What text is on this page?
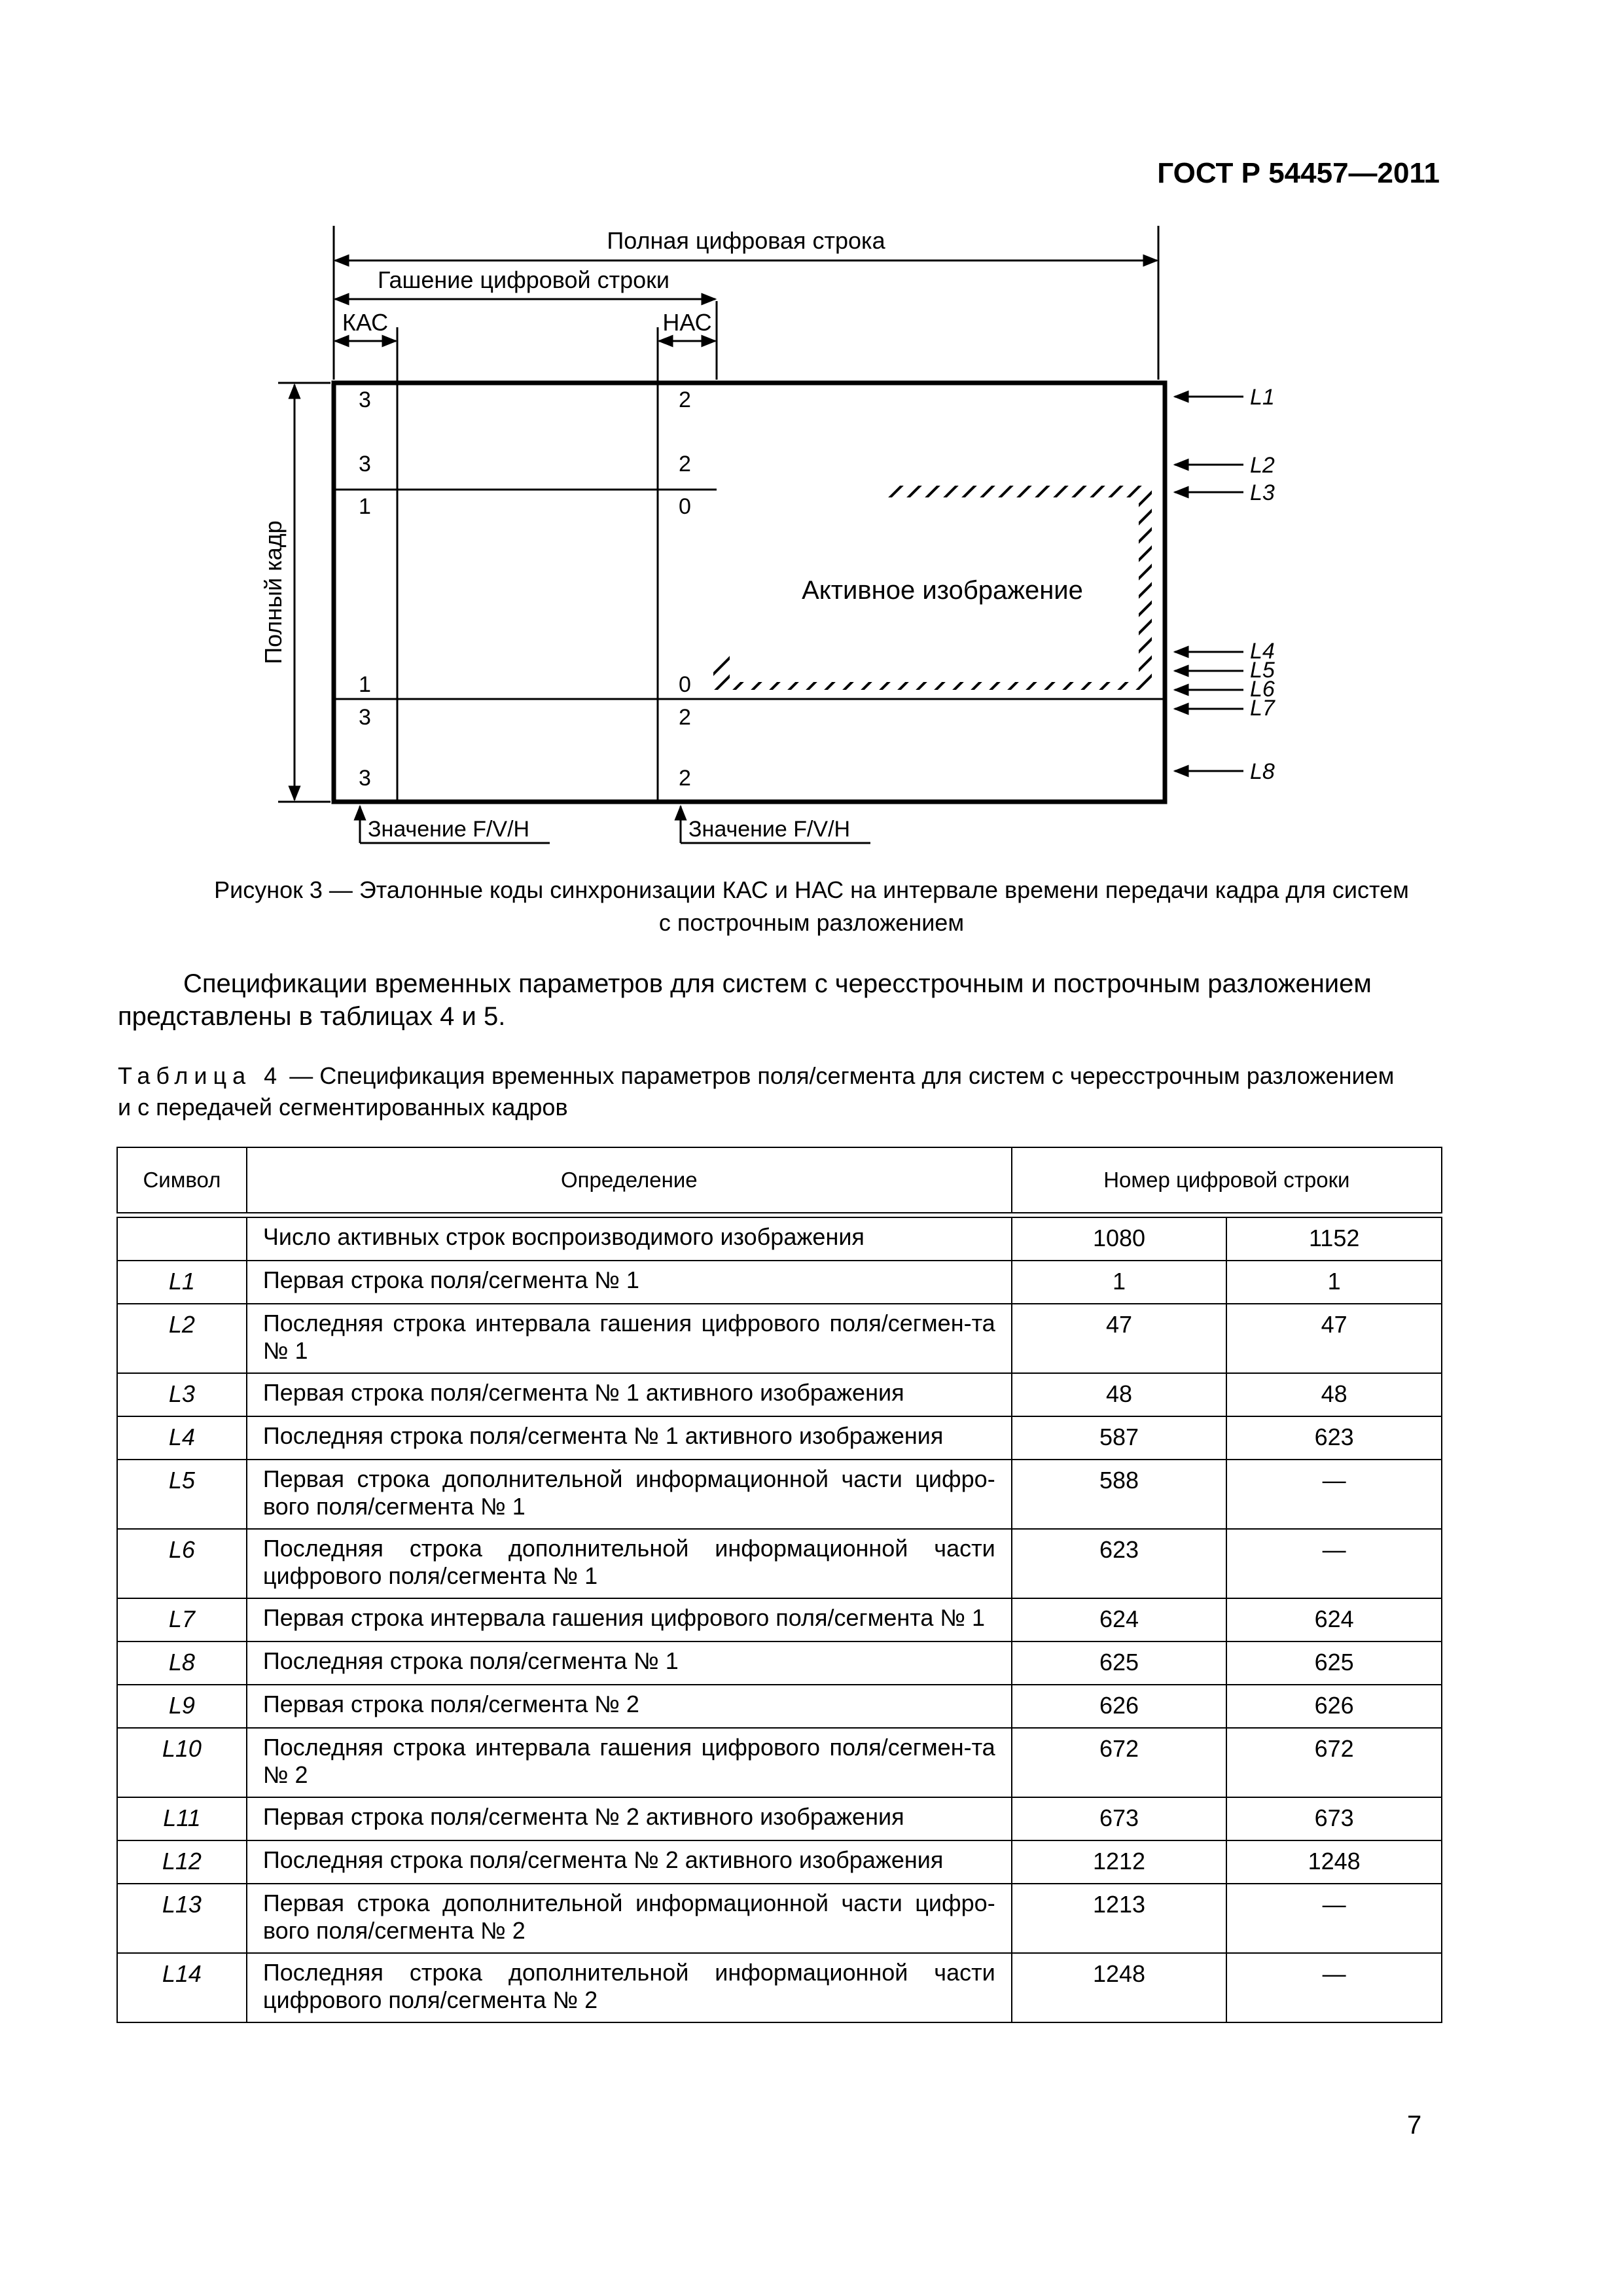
ГОСТ Р 54457—2011
Полная цифровая строка
Гашение цифровой строки
КАС	НАС
Полный кадр	Активное изображение
3
3
1
1
3
3
2
2
0
0
2
2
L1
L2
L3
L4
L5
L6
L7
L8
Значение F/V/H	Значение F/V/H
Рисунок 3 — Эталонные коды синхронизации КАС и НАС на интервале времени передачи кадра для систем
с построчным разложением
Спецификации временных параметров для систем с чересстрочным и построчным разложением
представлены в таблицах 4 и 5.
Таблица 4 — Спецификация временных параметров поля/сегмента для систем с чересстрочным разложением
и с передачей сегментированных кадров
Символ	Определение	Номер цифровой строки	

	Число активных строк воспроизводимого изображения	1080	1152
L1	Первая строка поля/сегмента № 1	1	1
L2	Последняя строка интервала гашения цифрового поля/сегмен-та № 1	47	47
L3	Первая строка поля/сегмента № 1 активного изображения	48	48
L4	Последняя строка поля/сегмента № 1 активного изображения	587	623
L5	Первая строка дополнительной информационной части цифро-вого поля/сегмента № 1	588	—
L6	Последняя строка дополнительной информационной части цифрового поля/сегмента № 1	623	—
L7	Первая строка интервала гашения цифрового поля/сегмента № 1	624	624
L8	Последняя строка поля/сегмента № 1	625	625
L9	Первая строка поля/сегмента № 2	626	626
L10	Последняя строка интервала гашения цифрового поля/сегмен-та № 2	672	672
L11	Первая строка поля/сегмента № 2 активного изображения	673	673
L12	Последняя строка поля/сегмента № 2 активного изображения	1212	1248
L13	Первая строка дополнительной информационной части цифро-вого поля/сегмента № 2	1213	—
L14	Последняя строка дополнительной информационной части цифрового поля/сегмента № 2	1248	—
7
